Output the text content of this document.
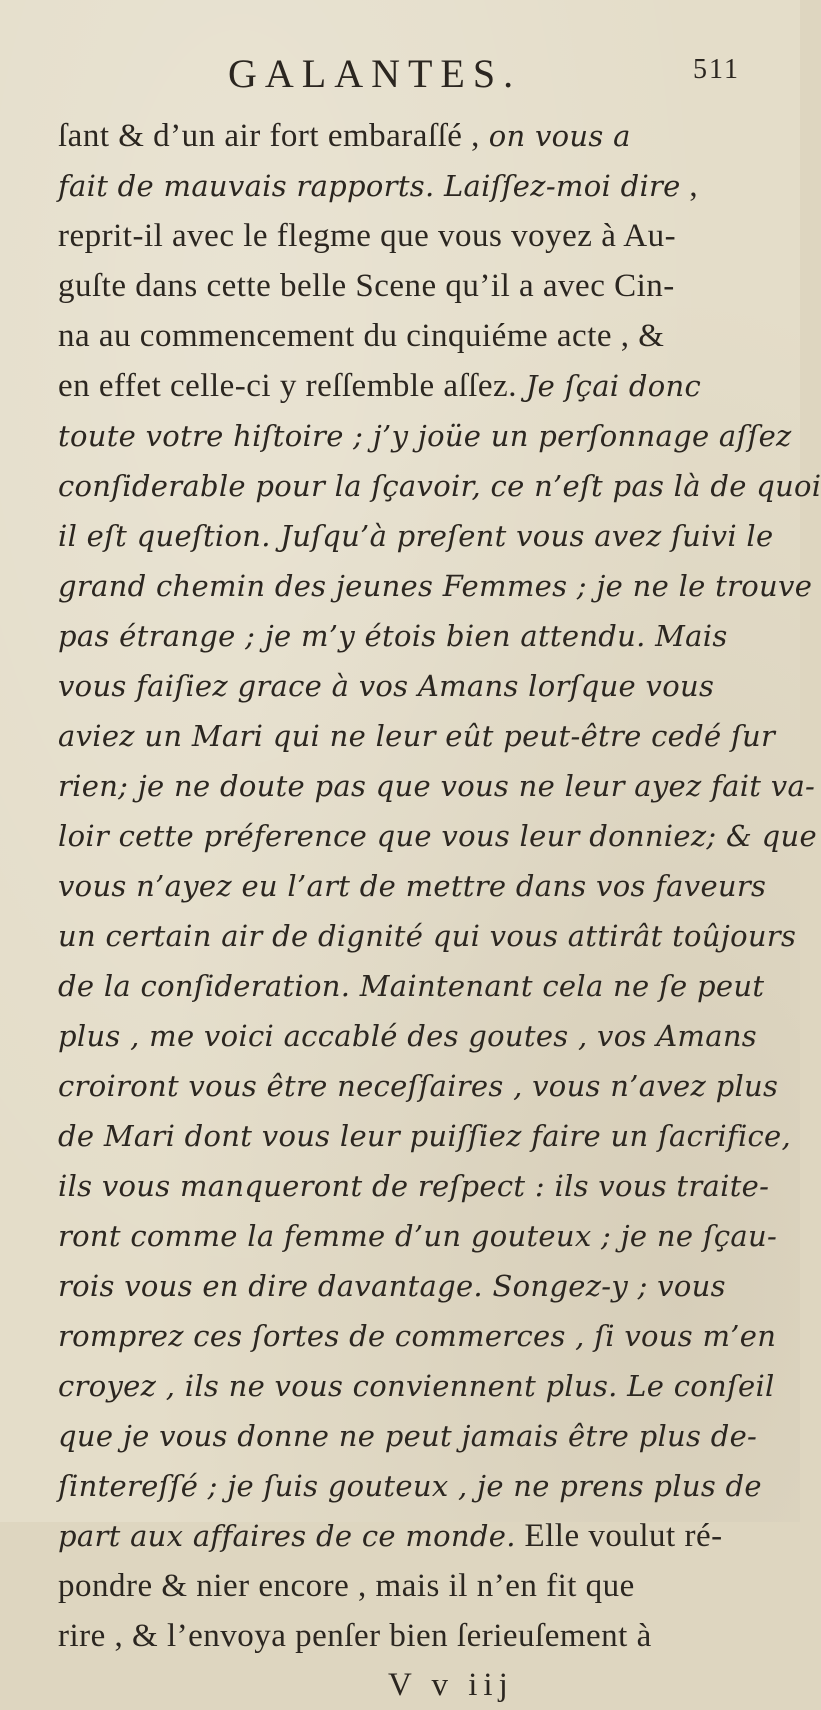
GALANTES.	511
ſant & d’un air fort embaraſſé , on vous a
fait de mauvais rapports. Laiſſez-moi dire ,
reprit-il avec le flegme que vous voyez à Au-
guſte dans cette belle Scene qu’il a avec Cin-
na au commencement du cinquiéme acte , &
en effet celle-ci y reſſemble aſſez. Je ſçai donc
toute votre hiſtoire ; j’y joüe un perſonnage aſſez
conſiderable pour la ſçavoir, ce n’eſt pas là de quoi
il eſt queſtion. Juſqu’à preſent vous avez ſuivi le
grand chemin des jeunes Femmes ; je ne le trouve
pas étrange ; je m’y étois bien attendu. Mais
vous faiſiez grace à vos Amans lorſque vous
aviez un Mari qui ne leur eût peut-être cedé ſur
rien; je ne doute pas que vous ne leur ayez fait va-
loir cette préference que vous leur donniez; & que
vous n’ayez eu l’art de mettre dans vos faveurs
un certain air de dignité qui vous attirât toûjours
de la conſideration. Maintenant cela ne ſe peut
plus , me voici accablé des goutes , vos Amans
croiront vous être neceſſaires , vous n’avez plus
de Mari dont vous leur puiſſiez faire un ſacrifice,
ils vous manqueront de reſpect : ils vous traite-
ront comme la femme d’un gouteux ; je ne ſçau-
rois vous en dire davantage. Songez-y ; vous
romprez ces ſortes de commerces , ſi vous m’en
croyez , ils ne vous conviennent plus. Le conſeil
que je vous donne ne peut jamais être plus de-
ſintereſſé ; je ſuis gouteux , je ne prens plus de
part aux affaires de ce monde. Elle voulut ré-
pondre & nier encore , mais il n’en fit que
rire , & l’envoya penſer bien ſerieuſement à
V v iij
